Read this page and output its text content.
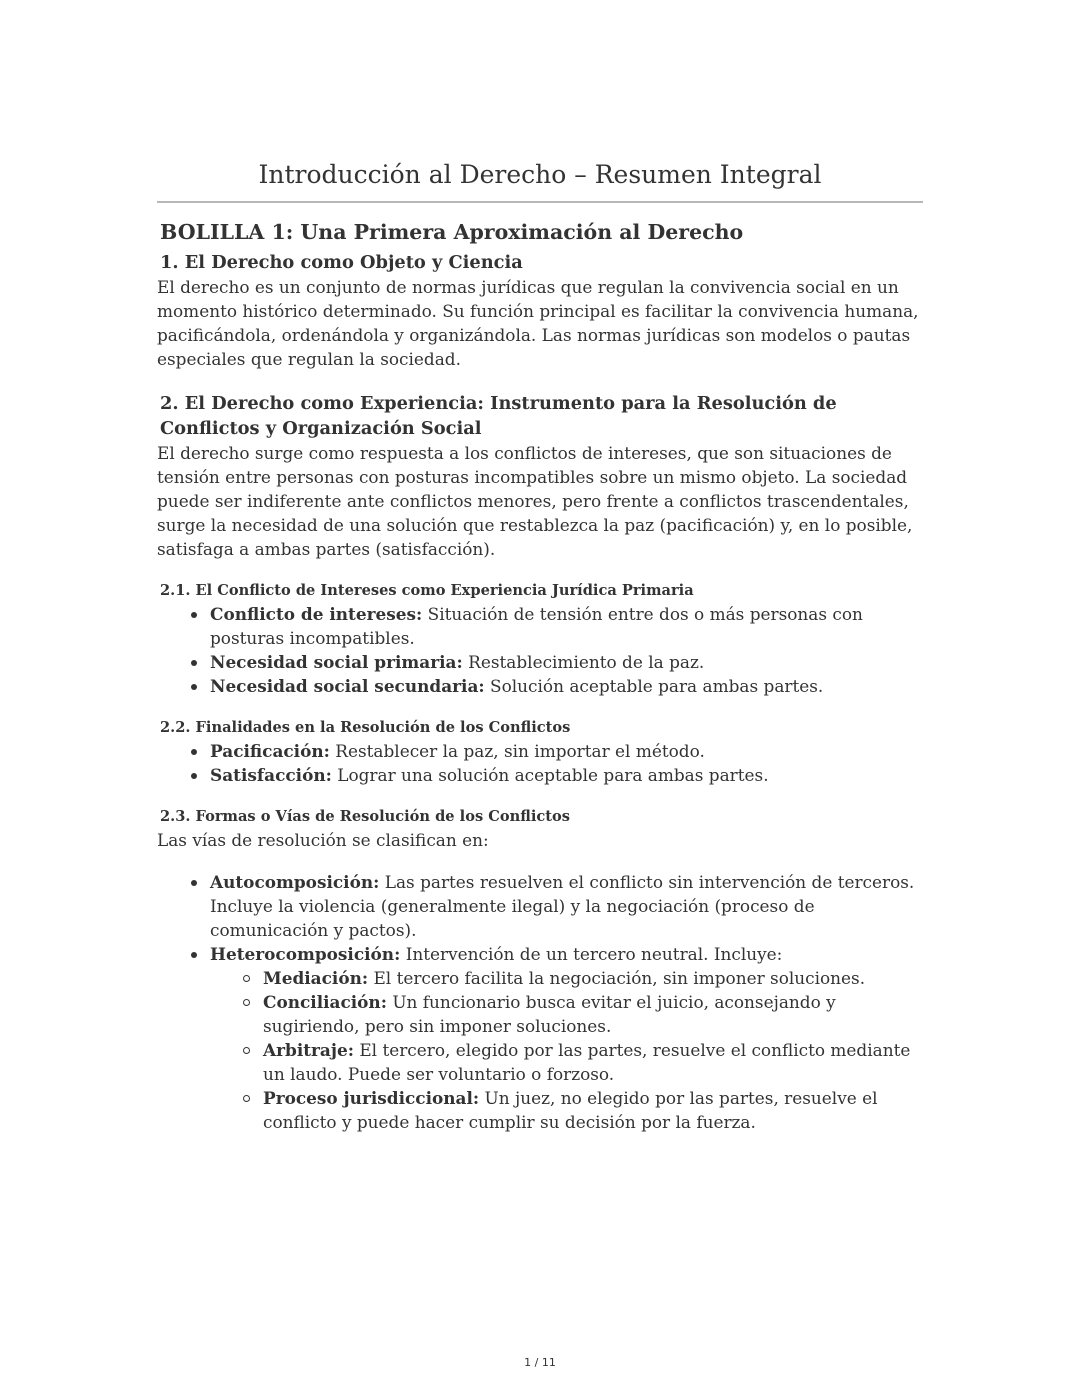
Introducción al Derecho – Resumen Integral
BOLILLA 1: Una Primera Aproximación al Derecho
1. El Derecho como Objeto y Ciencia

El derecho es un conjunto de normas jurídicas que regulan la convivencia social en un momento histórico determinado. Su función principal es facilitar la convivencia humana, pacificándola, ordenándola y organizándola. Las normas jurídicas son modelos o pautas especiales que regulan la sociedad.

2. El Derecho como Experiencia: Instrumento para la Resolución de Conflictos y Organización Social

El derecho surge como respuesta a los conflictos de intereses, que son situaciones de tensión entre personas con posturas incompatibles sobre un mismo objeto. La sociedad puede ser indiferente ante conflictos menores, pero frente a conflictos trascendentales, surge la necesidad de una solución que restablezca la paz (pacificación) y, en lo posible, satisfaga a ambas partes (satisfacción).

2.1. El Conflicto de Intereses como Experiencia Jurídica Primaria
Conflicto de intereses: Situación de tensión entre dos o más personas con posturas incompatibles.
Necesidad social primaria: Restablecimiento de la paz.
Necesidad social secundaria: Solución aceptable para ambas partes.
2.2. Finalidades en la Resolución de los Conflictos
Pacificación: Restablecer la paz, sin importar el método.
Satisfacción: Lograr una solución aceptable para ambas partes.
2.3. Formas o Vías de Resolución de los Conflictos

Las vías de resolución se clasifican en:

Autocomposición: Las partes resuelven el conflicto sin intervención de terceros. Incluye la violencia (generalmente ilegal) y la negociación (proceso de comunicación y pactos).
Heterocomposición: Intervención de un tercero neutral. Incluye:
Mediación: El tercero facilita la negociación, sin imponer soluciones.
Conciliación: Un funcionario busca evitar el juicio, aconsejando y sugiriendo, pero sin imponer soluciones.
Arbitraje: El tercero, elegido por las partes, resuelve el conflicto mediante un laudo. Puede ser voluntario o forzoso.
Proceso jurisdiccional: Un juez, no elegido por las partes, resuelve el conflicto y puede hacer cumplir su decisión por la fuerza.
1 / 11
